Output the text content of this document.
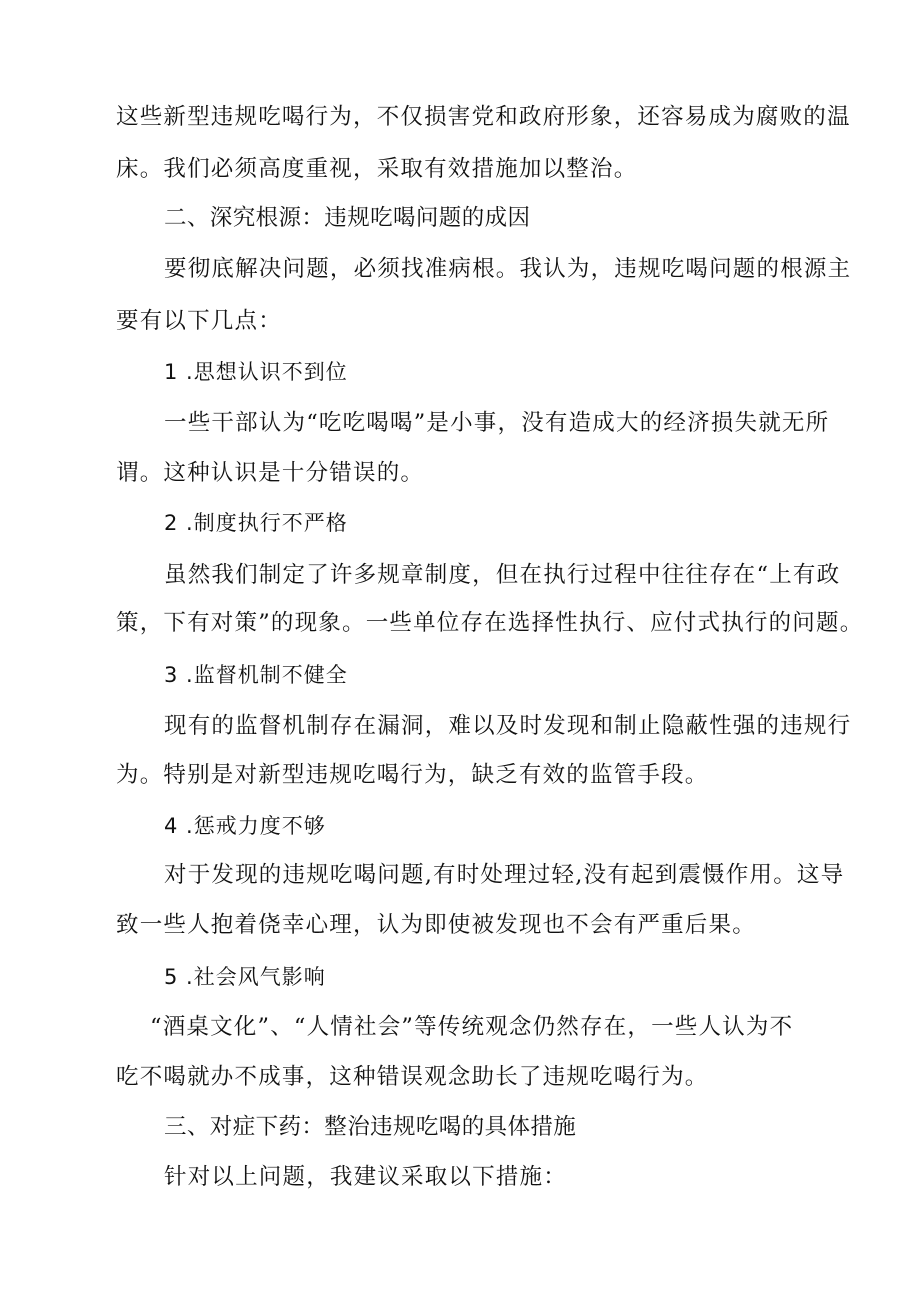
这些新型违规吃喝行为，不仅损害党和政府形象，还容易成为腐败的温
床。我们必须高度重视，采取有效措施加以整治。
二、深究根源：违规吃喝问题的成因
要彻底解决问题，必须找准病根。我认为，违规吃喝问题的根源主
要有以下几点：
1 .思想认识不到位
一些干部认为“吃吃喝喝”是小事，没有造成大的经济损失就无所
谓。这种认识是十分错误的。
2 .制度执行不严格
虽然我们制定了许多规章制度，但在执行过程中往往存在“上有政
策，下有对策”的现象。一些单位存在选择性执行、应付式执行的问题。
3 .监督机制不健全
现有的监督机制存在漏洞，难以及时发现和制止隐蔽性强的违规行
为。特别是对新型违规吃喝行为，缺乏有效的监管手段。
4 .惩戒力度不够
对于发现的违规吃喝问题,有时处理过轻,没有起到震慑作用。这导
致一些人抱着侥幸心理，认为即使被发现也不会有严重后果。
5 .社会风气影响
“酒桌文化”、“人情社会”等传统观念仍然存在，一些人认为不
吃不喝就办不成事，这种错误观念助长了违规吃喝行为。
三、对症下药：整治违规吃喝的具体措施
针对以上问题，我建议采取以下措施：
